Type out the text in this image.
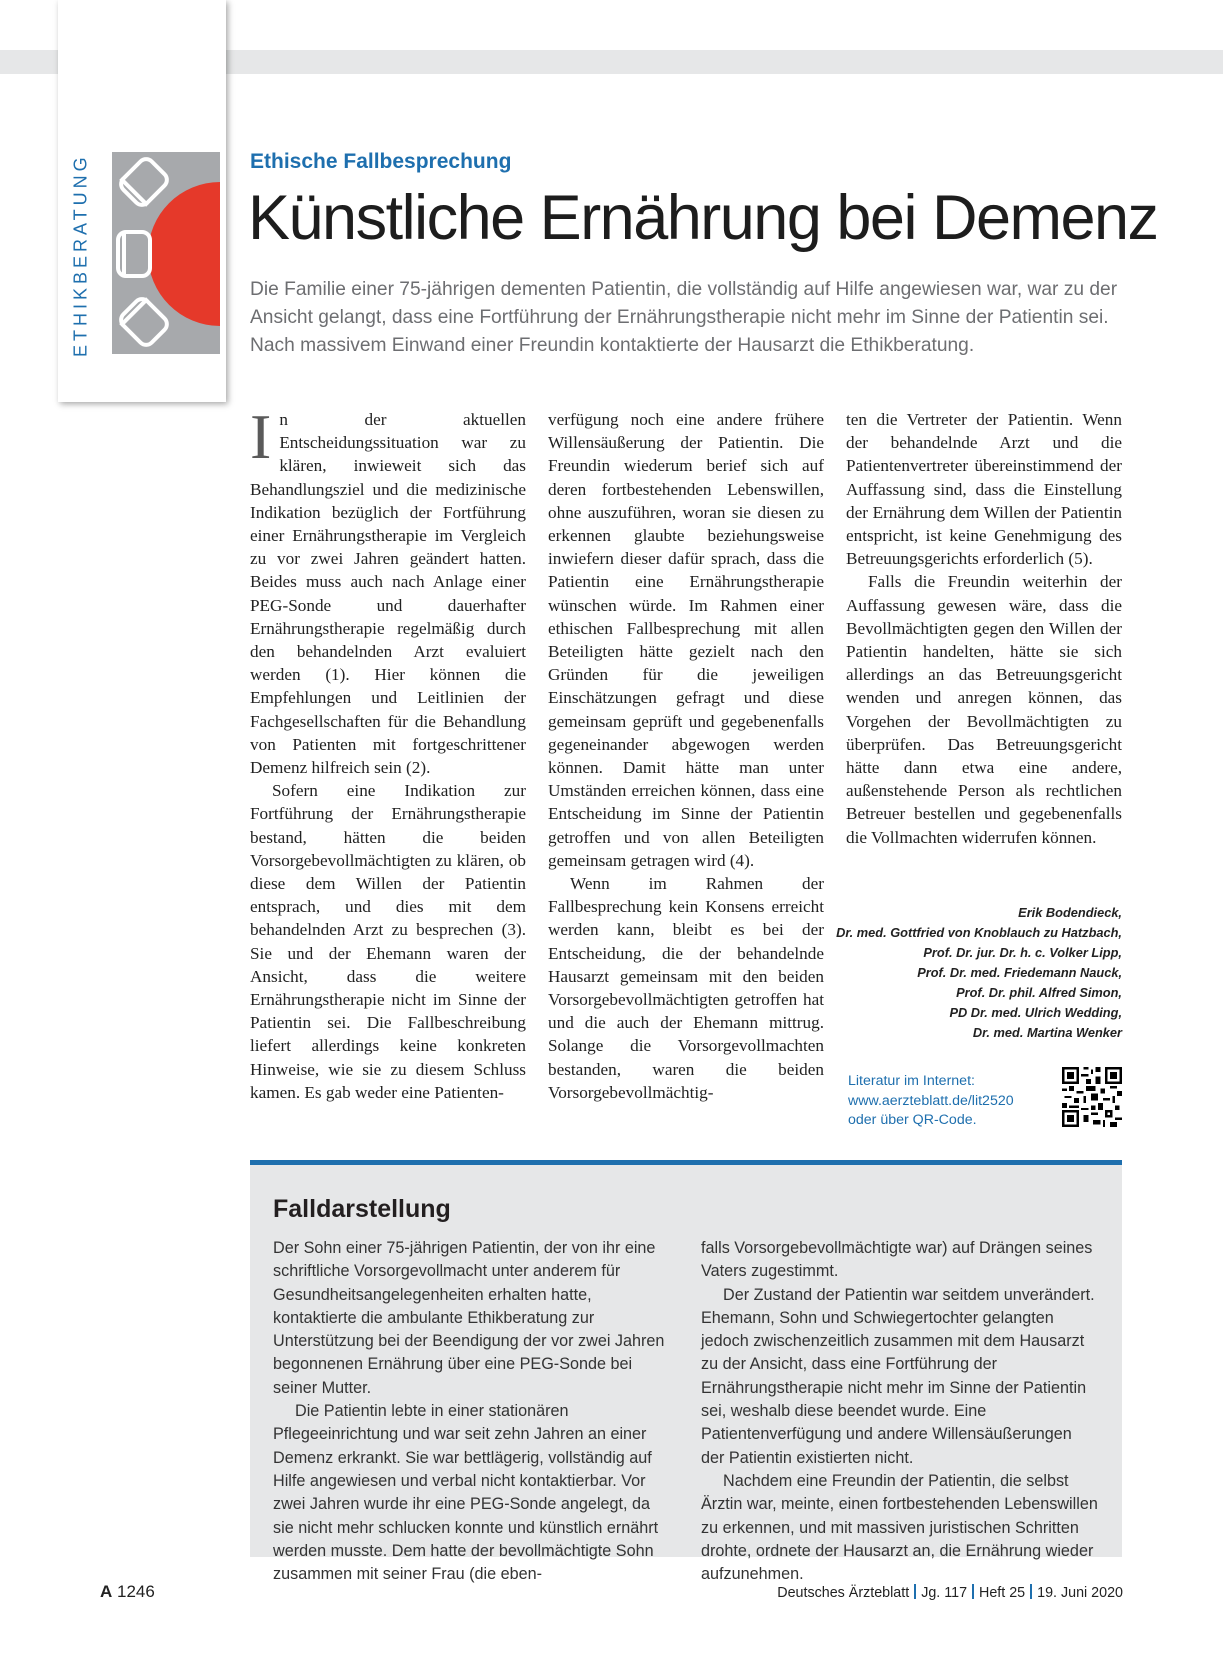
ETHIKBERATUNG	Ethische Fallbesprechung
Künstliche Ernährung bei Demenz

Die Familie einer 75-jährigen dementen Patientin, die vollständig auf Hilfe angewiesen war, war zu der Ansicht gelangt, dass eine Fortführung der Ernährungstherapie nicht mehr im Sinne der Patientin sei. Nach massivem Einwand einer Freundin kontaktierte der Hausarzt die Ethikberatung.

I n der aktuellen Entscheidungssituation war zu klären, inwieweit sich das Behandlungsziel und die medizinische Indikation bezüglich der Fortführung einer Ernährungstherapie im Vergleich zu vor zwei Jahren geändert hatten. Beides muss auch nach Anlage einer PEG-Sonde und dauerhafter Ernährungstherapie regelmäßig durch den behandelnden Arzt evaluiert werden (1). Hier können die Empfehlungen und Leitlinien der Fachgesellschaften für die Behandlung von Patienten mit fortgeschrittener Demenz hilfreich sein (2).

Sofern eine Indikation zur Fortführung der Ernährungstherapie bestand, hätten die beiden Vorsorgebevollmächtigten zu klären, ob diese dem Willen der Patientin entsprach, und dies mit dem behandelnden Arzt zu besprechen (3). Sie und der Ehemann waren der Ansicht, dass die weitere Ernährungstherapie nicht im Sinne der Patientin sei. Die Fallbeschreibung liefert allerdings keine konkreten Hinweise, wie sie zu diesem Schluss kamen. Es gab weder eine Patienten-

verfügung noch eine andere frühere Willensäußerung der Patientin. Die Freundin wiederum berief sich auf deren fortbestehenden Lebenswillen, ohne auszuführen, woran sie diesen zu erkennen glaubte beziehungsweise inwiefern dieser dafür sprach, dass die Patientin eine Ernährungstherapie wünschen würde. Im Rahmen einer ethischen Fallbesprechung mit allen Beteiligten hätte gezielt nach den Gründen für die jeweiligen Einschätzungen gefragt und diese gemeinsam geprüft und gegebenenfalls gegeneinander abgewogen werden können. Damit hätte man unter Umständen erreichen können, dass eine Entscheidung im Sinne der Patientin getroffen und von allen Beteiligten gemeinsam getragen wird (4).

Wenn im Rahmen der Fallbesprechung kein Konsens erreicht werden kann, bleibt es bei der Entscheidung, die der behandelnde Hausarzt gemeinsam mit den beiden Vorsorgebevollmächtigten getroffen hat und die auch der Ehemann mittrug. Solange die Vorsorgevollmachten bestanden, waren die beiden Vorsorgebevollmächtig-

ten die Vertreter der Patientin. Wenn der behandelnde Arzt und die Patientenvertreter übereinstimmend der Auffassung sind, dass die Einstellung der Ernährung dem Willen der Patientin entspricht, ist keine Genehmigung des Betreuungsgerichts erforderlich (5).

Falls die Freundin weiterhin der Auffassung gewesen wäre, dass die Bevollmächtigten gegen den Willen der Patientin handelten, hätte sie sich allerdings an das Betreuungsgericht wenden und anregen können, das Vorgehen der Bevollmächtigten zu überprüfen. Das Betreuungsgericht hätte dann etwa eine andere, außenstehende Person als rechtlichen Betreuer bestellen und gegebenenfalls die Vollmachten widerrufen können.

Erik Bodendieck,
Dr. med. Gottfried von Knoblauch zu Hatzbach,
Prof. Dr. jur. Dr. h. c. Volker Lipp,
Prof. Dr. med. Friedemann Nauck,
Prof. Dr. phil. Alfred Simon,
PD Dr. med. Ulrich Wedding,
Dr. med. Martina Wenker

Literatur im Internet:
www.aerzteblatt.de/lit2520
oder über QR-Code.

Falldarstellung

Der Sohn einer 75-jährigen Patientin, der von ihr eine schriftliche Vorsorgevollmacht unter anderem für Gesundheitsangelegenheiten erhalten hatte, kontaktierte die ambulante Ethikberatung zur Unterstützung bei der Beendigung der vor zwei Jahren begonnenen Ernährung über eine PEG-Sonde bei seiner Mutter.

Die Patientin lebte in einer stationären Pflegeeinrichtung und war seit zehn Jahren an einer Demenz erkrankt. Sie war bettlägerig, vollständig auf Hilfe angewiesen und verbal nicht kontaktierbar. Vor zwei Jahren wurde ihr eine PEG-Sonde angelegt, da sie nicht mehr schlucken konnte und künstlich ernährt werden musste. Dem hatte der bevollmächtigte Sohn zusammen mit seiner Frau (die eben-

falls Vorsorgebevollmächtigte war) auf Drängen seines Vaters zugestimmt.

Der Zustand der Patientin war seitdem unverändert. Ehemann, Sohn und Schwiegertochter gelangten jedoch zwischenzeitlich zusammen mit dem Hausarzt zu der Ansicht, dass eine Fortführung der Ernährungstherapie nicht mehr im Sinne der Patientin sei, weshalb diese beendet wurde. Eine Patientenverfügung und andere Willensäußerungen der Patientin existierten nicht.

Nachdem eine Freundin der Patientin, die selbst Ärztin war, meinte, einen fortbestehenden Lebenswillen zu erkennen, und mit massiven juristischen Schritten drohte, ordnete der Hausarzt an, die Ernährung wieder aufzunehmen.

A 1246	Deutsches Ärzteblatt Jg. 117 Heft 25 19. Juni 2020
